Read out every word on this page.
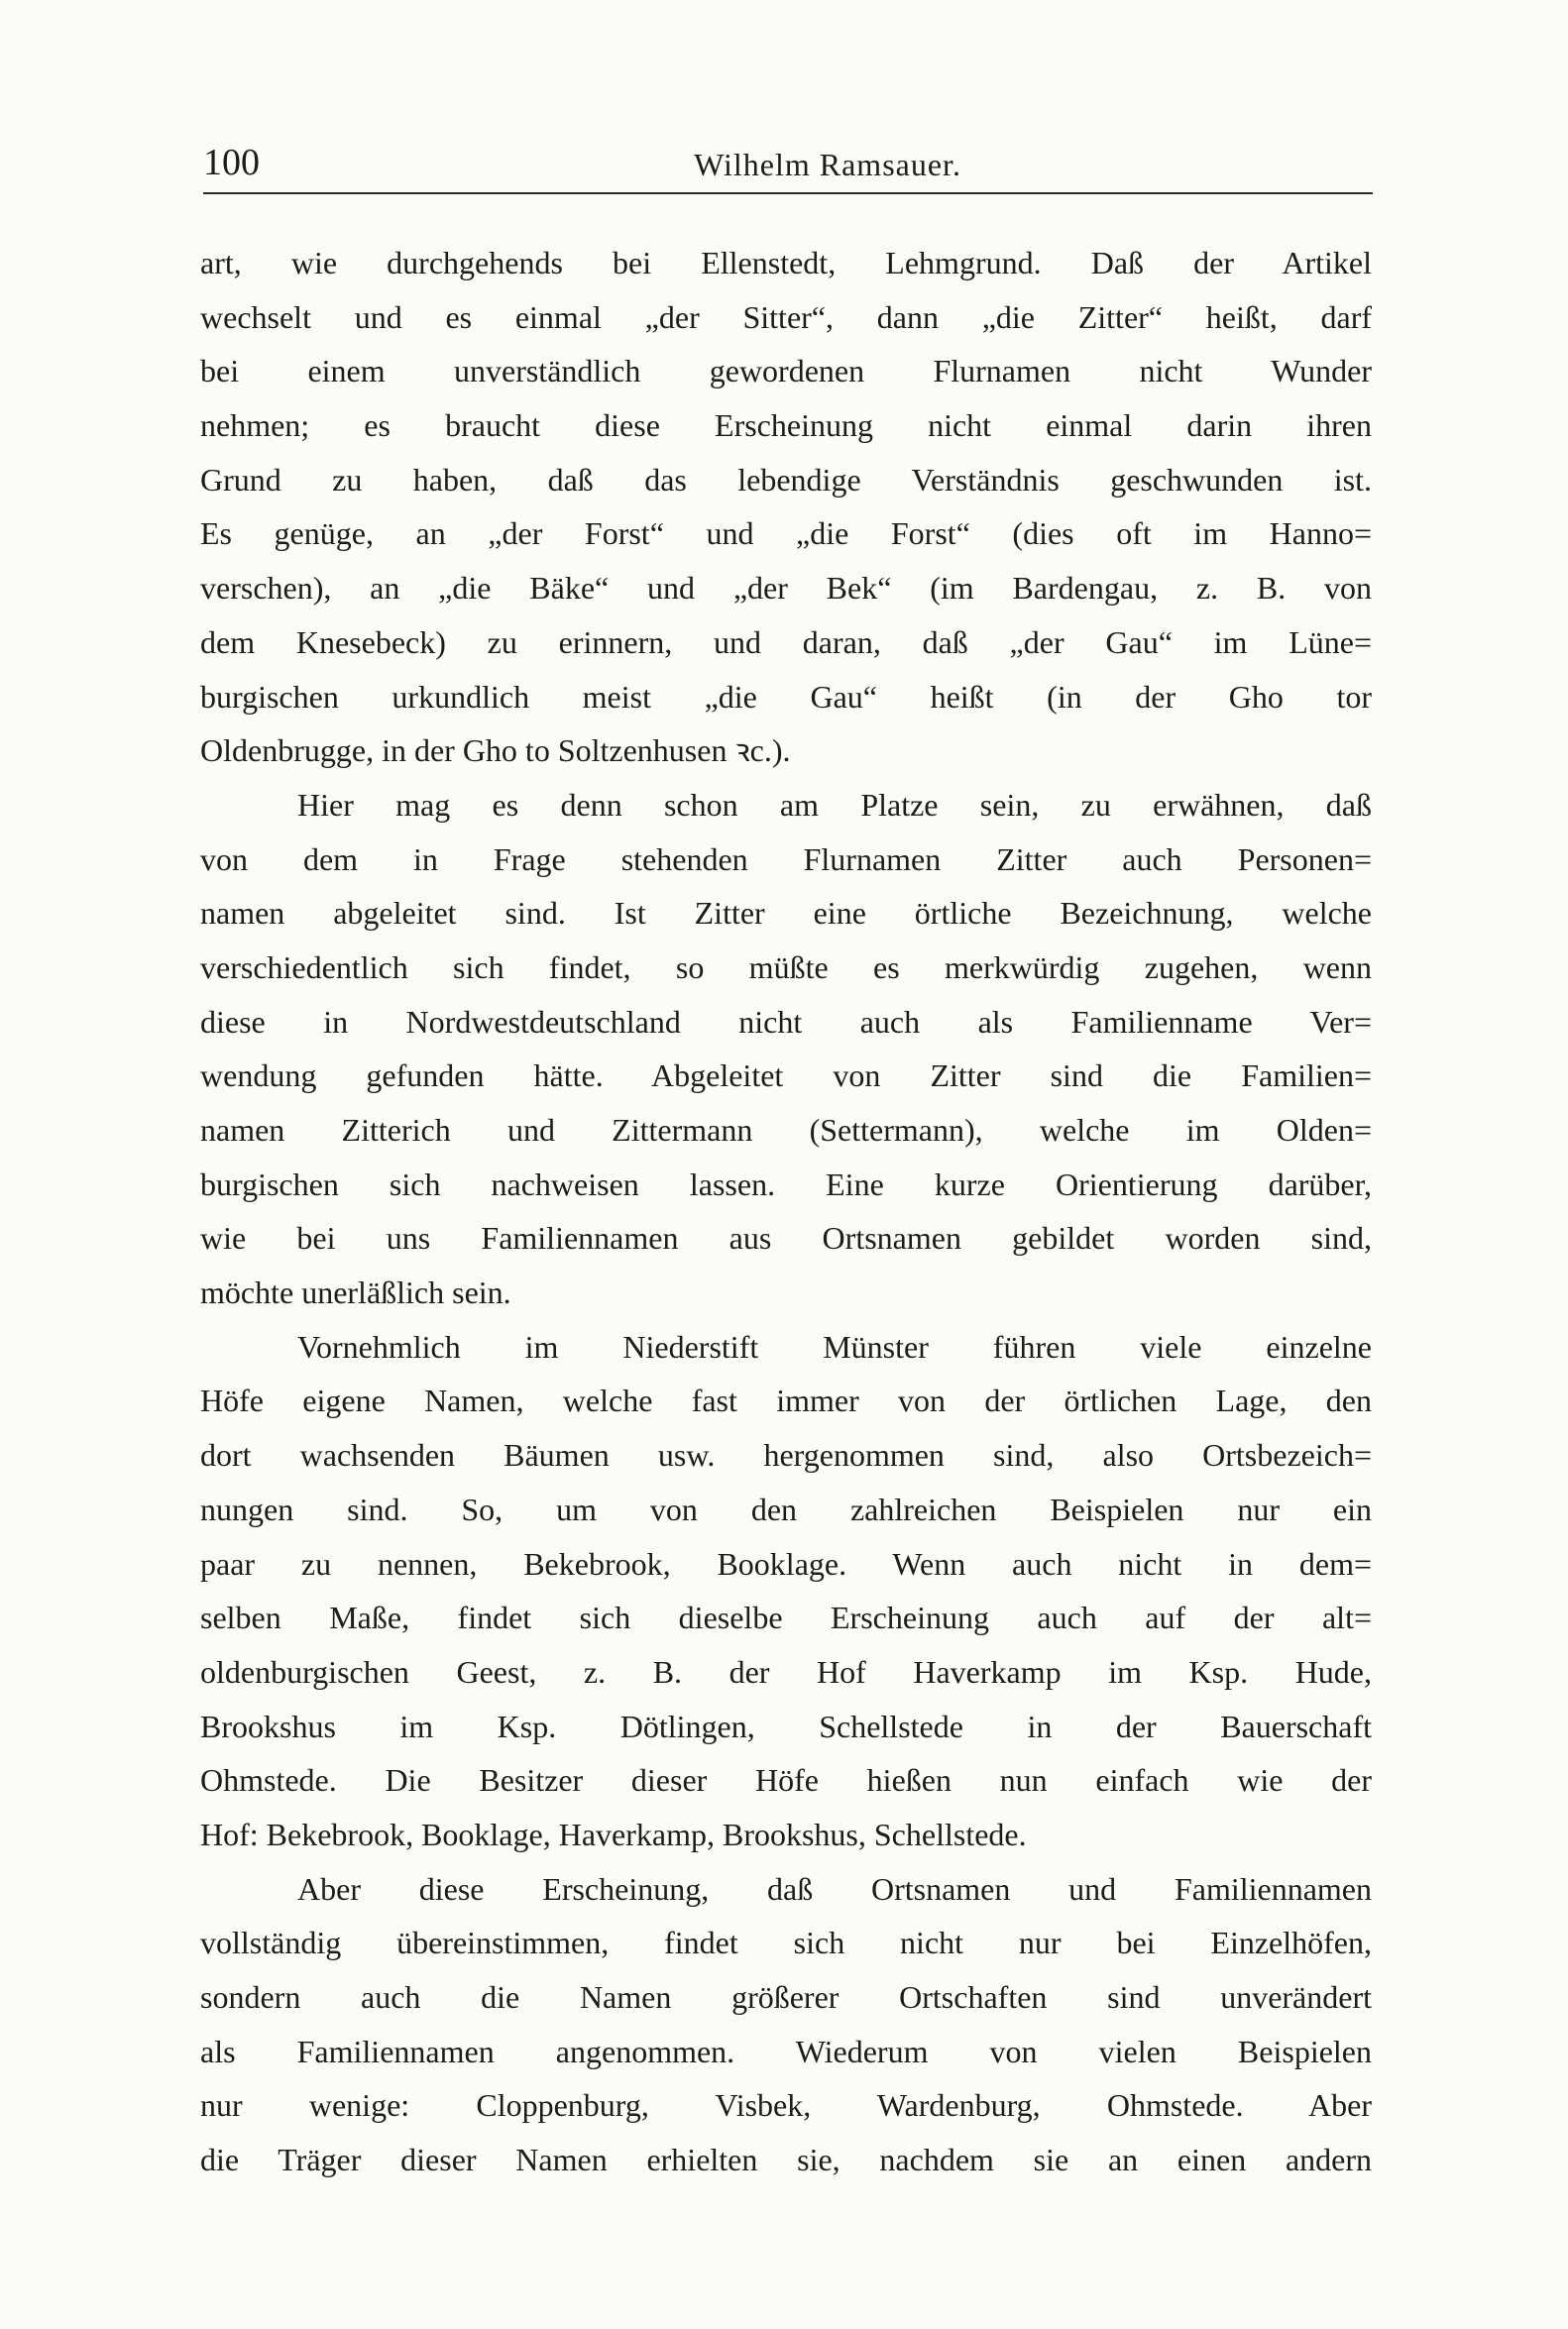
100	Wilhelm Ramsauer.
art, wie durchgehends bei Ellenstedt, Lehmgrund. Daß der Artikel
wechselt und es einmal „der Sitter“, dann „die Zitter“ heißt, darf
bei einem unverständlich gewordenen Flurnamen nicht Wunder
nehmen; es braucht diese Erscheinung nicht einmal darin ihren
Grund zu haben, daß das lebendige Verständnis geschwunden ist.
Es genüge, an „der Forst“ und „die Forst“ (dies oft im Hanno=
verschen), an „die Bäke“ und „der Bek“ (im Bardengau, z. B. von
dem Knesebeck) zu erinnern, und daran, daß „der Gau“ im Lüne=
burgischen urkundlich meist „die Gau“ heißt (in der Gho tor
Oldenbrugge, in der Gho to Soltzenhusen ꝛc.).
Hier mag es denn schon am Platze sein, zu erwähnen, daß
von dem in Frage stehenden Flurnamen Zitter auch Personen=
namen abgeleitet sind. Ist Zitter eine örtliche Bezeichnung, welche
verschiedentlich sich findet, so müßte es merkwürdig zugehen, wenn
diese in Nordwestdeutschland nicht auch als Familienname Ver=
wendung gefunden hätte. Abgeleitet von Zitter sind die Familien=
namen Zitterich und Zittermann (Settermann), welche im Olden=
burgischen sich nachweisen lassen. Eine kurze Orientierung darüber,
wie bei uns Familiennamen aus Ortsnamen gebildet worden sind,
möchte unerläßlich sein.
Vornehmlich im Niederstift Münster führen viele einzelne
Höfe eigene Namen, welche fast immer von der örtlichen Lage, den
dort wachsenden Bäumen usw. hergenommen sind, also Ortsbezeich=
nungen sind. So, um von den zahlreichen Beispielen nur ein
paar zu nennen, Bekebrook, Booklage. Wenn auch nicht in dem=
selben Maße, findet sich dieselbe Erscheinung auch auf der alt=
oldenburgischen Geest, z. B. der Hof Haverkamp im Ksp. Hude,
Brookshus im Ksp. Dötlingen, Schellstede in der Bauerschaft
Ohmstede. Die Besitzer dieser Höfe hießen nun einfach wie der
Hof: Bekebrook, Booklage, Haverkamp, Brookshus, Schellstede.
Aber diese Erscheinung, daß Ortsnamen und Familiennamen
vollständig übereinstimmen, findet sich nicht nur bei Einzelhöfen,
sondern auch die Namen größerer Ortschaften sind unverändert
als Familiennamen angenommen. Wiederum von vielen Beispielen
nur wenige: Cloppenburg, Visbek, Wardenburg, Ohmstede. Aber
die Träger dieser Namen erhielten sie, nachdem sie an einen andern
